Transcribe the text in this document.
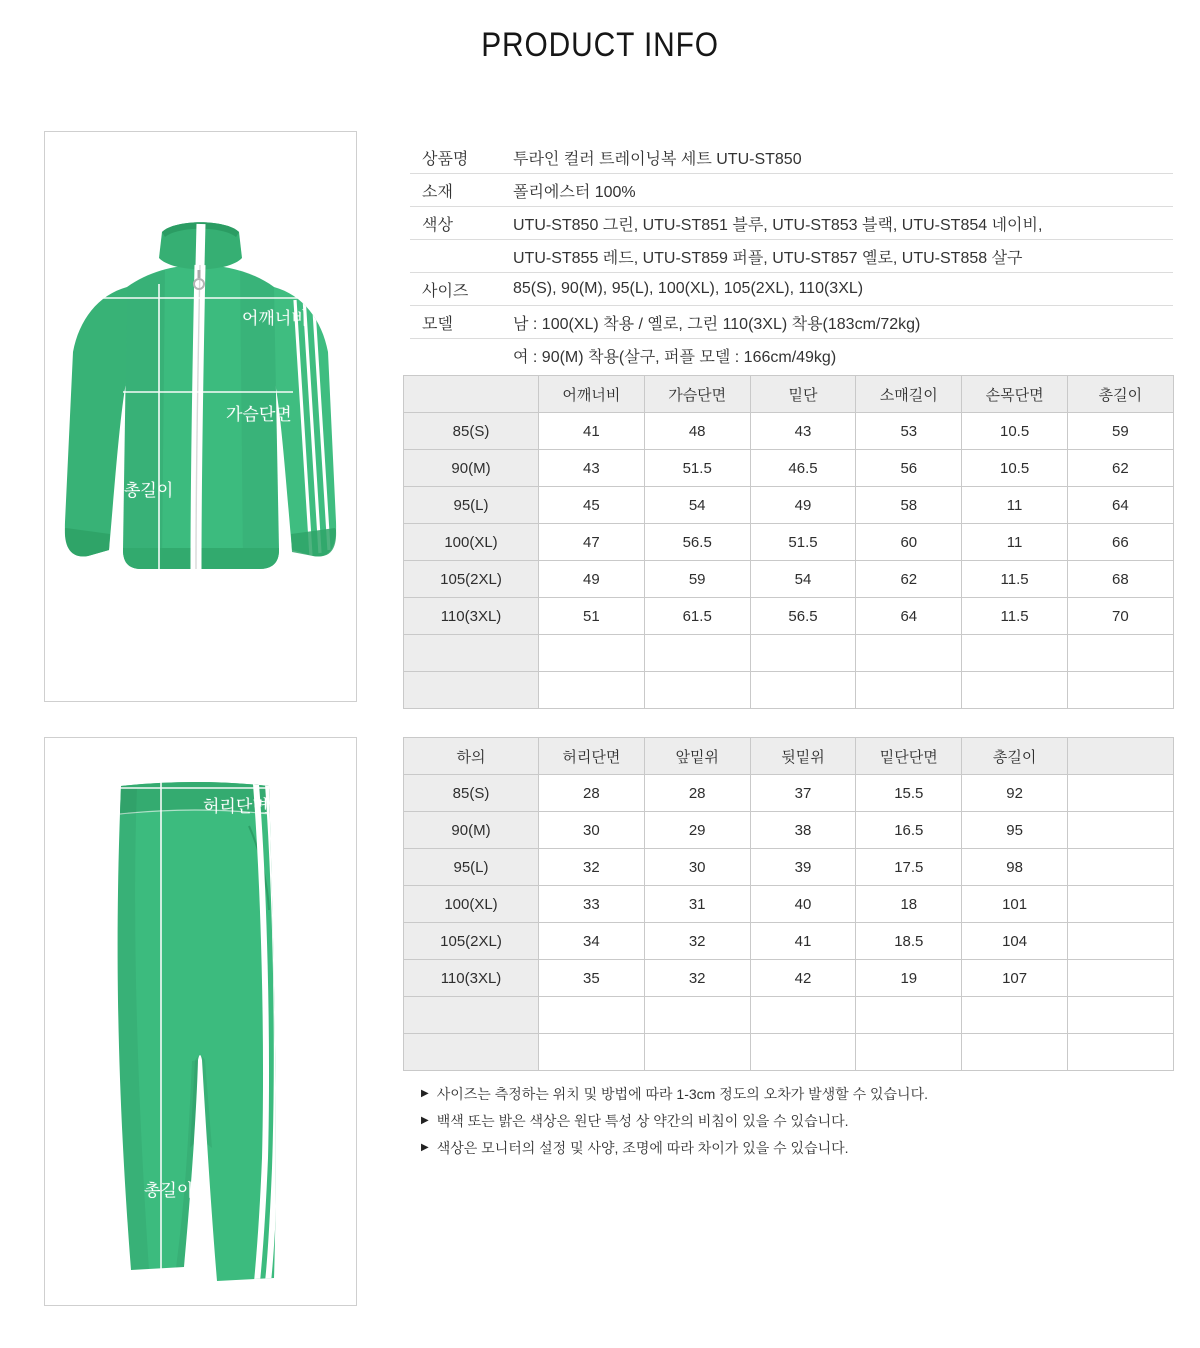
PRODUCT INFO
어깨너비
가슴단면
총길이
허리단면
총길이
상품명	투라인 컬러 트레이닝복 세트 UTU-ST850
소재	폴리에스터 100%
색상	UTU-ST850 그린, UTU-ST851 블루, UTU-ST853 블랙, UTU-ST854 네이비,
UTU-ST855 레드, UTU-ST859 퍼플, UTU-ST857 옐로, UTU-ST858 살구
사이즈	85(S), 90(M), 95(L), 100(XL), 105(2XL), 110(3XL)
모델	남 : 100(XL) 착용 / 옐로, 그린 110(3XL) 착용(183cm/72kg)
여 : 90(M) 착용(살구, 퍼플 모델 : 166cm/49kg)
	어깨너비	가슴단면	밑단	소매길이	손목단면	총길이
85(S)	41	48	43	53	10.5	59
90(M)	43	51.5	46.5	56	10.5	62
95(L)	45	54	49	58	11	64
100(XL)	47	56.5	51.5	60	11	66
105(2XL)	49	59	54	62	11.5	68
110(3XL)	51	61.5	56.5	64	11.5	70

하의	허리단면	앞밑위	뒷밑위	밑단단면	총길이	
85(S)	28	28	37	15.5	92	
90(M)	30	29	38	16.5	95	
95(L)	32	30	39	17.5	98	
100(XL)	33	31	40	18	101	
105(2XL)	34	32	41	18.5	104	
110(3XL)	35	32	42	19	107	

▶ 사이즈는 측정하는 위치 및 방법에 따라 1-3cm 정도의 오차가 발생할 수 있습니다.
▶ 백색 또는 밝은 색상은 원단 특성 상 약간의 비침이 있을 수 있습니다.
▶ 색상은 모니터의 설정 및 사양, 조명에 따라 차이가 있을 수 있습니다.
